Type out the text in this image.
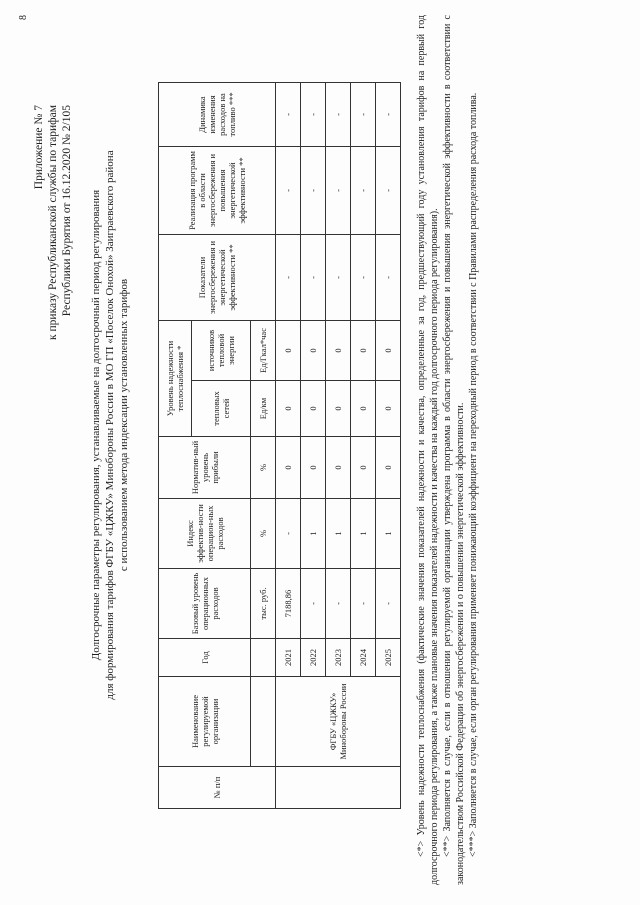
8
Приложение № 7 к приказу Республиканской службы по тарифам Республики Бурятия от 16.12.2020 № 2/105 Долгосрочные параметры регулирования, устанавливаемые на долгосрочный период регулирования для формирования тарифов ФГБУ «ЦЖКУ» Минобороны России в МО ГП «Поселок Онохой» Заиграевского района с использованием метода индексации установленных тарифов
№ п/п	Наименование регулируемой организации	Год	Базовый уровень операционных расходов	Индекс эффектив-ности операцион-ных расходов	Норматив-ный уровень прибыли	Уровень надежности теплоснабжения *		Показатели энергосбережения и энергетической эффективности **	Реализация программ в области энергосбережения и повышения энергетической эффективности **	Динамика изменения расходов на топливо ***
						тепловых сетей	источников тепловой энергии			
			тыс. руб.	%	%	Ед/км	Ед/Гкал*час			
	ФГБУ «ЦЖКУ» Минобороны России	2021	7188,86	-	0	0	0	-	-	-
		2022	-	1	0	0	0	-	-	-
		2023	-	1	0	0	0	-	-	-
		2024	-	1	0	0	0	-	-	-
		2025	-	1	0	0	0	-	-	- <*> Уровень надежности теплоснабжения (фактические значения показателей надежности и качества, определенные за год, предшествующий году установления тарифов на первый год долгосрочного периода регулирования, а также плановые значения показателей надежности и качества на каждый год долгосрочного периода регулирования). <**> Заполняется в случае, если в отношении регулируемой организации утверждена программа в области энергосбережения и повышения энергетической эффективности в соответствии с законодательством Российской Федерации об энергосбережении и о повышении энергетической эффективности. <***> Заполняется в случае, если орган регулирования применяет понижающий коэффициент на переходный период в соответствии с Правилами распределения расхода топлива.
